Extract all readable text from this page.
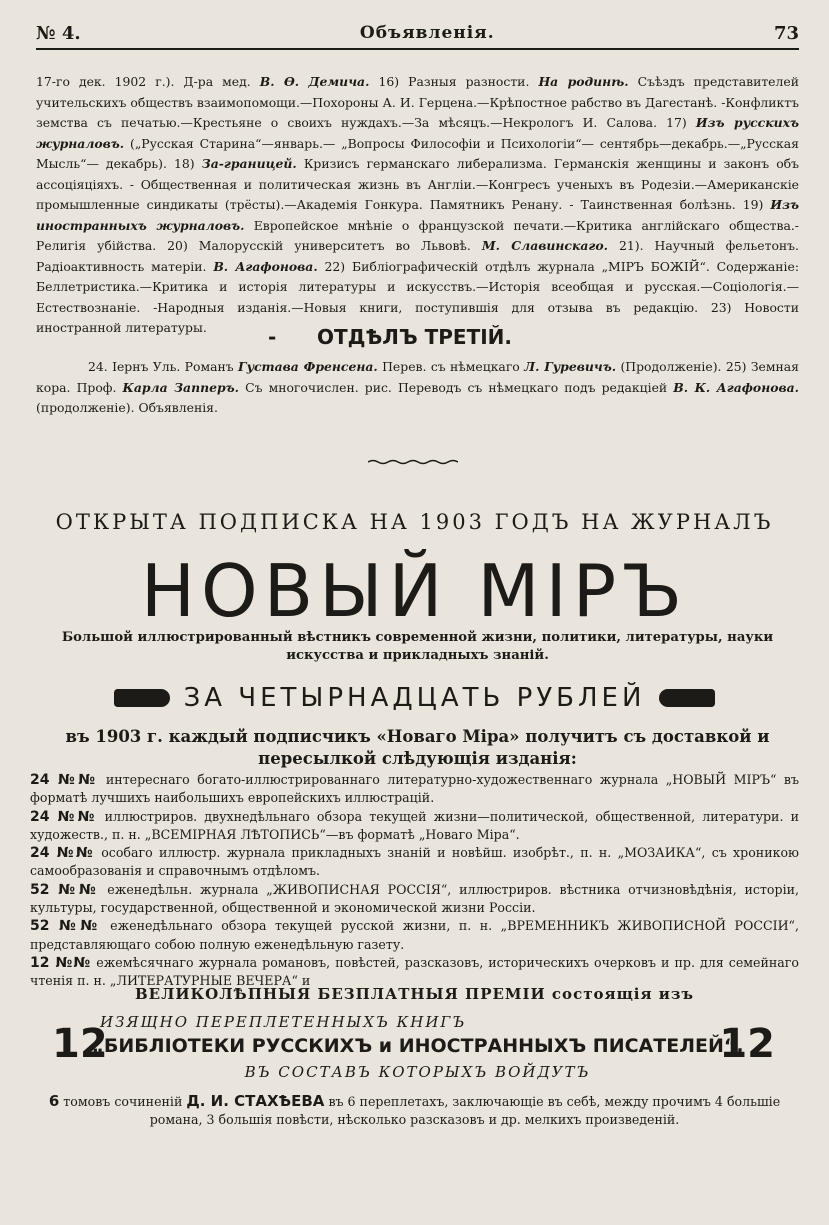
№ 4.	Объявленія.	73
17-го дек. 1902 г.). Д-ра мед. В. Ѳ. Демича. 16) Разныя разности. На родинѣ. Съѣздъ представителей учительскихъ обществъ взаимопомощи.—Похороны А. И. Герцена.—Крѣпостное рабство въ Дагестанѣ. -Конфликтъ земства съ печатью.—Крестьяне о своихъ нуждахъ.—За мѣсяцъ.—Некрологъ И. Салова. 17) Изъ русскихъ журналовъ. („Русская Старина“—январь.— „Вопросы Философіи и Психологіи“— сентябрь—декабрь.—„Русская Мысль“— декабрь). 18) За-границей. Кризисъ германскаго либерализма. Германскія женщины и законъ объ ассоціяціяхъ. - Общественная и политическая жизнь въ Англіи.—Конгресъ ученыхъ въ Родезіи.—Американскіе промышленные синдикаты (трёсты).—Академія Гонкура. Памятникъ Ренану. - Таинственная болѣзнь. 19) Изъ иностранныхъ журналовъ. Европейское мнѣніе о французской печати.—Критика англійскаго общества.- Религія убійства. 20) Малорусскій университетъ во Львовѣ. М. Славинскаго. 21). Научный фельетонъ. Радіоактивность матеріи. В. Агафонова. 22) Библіографическій отдѣлъ журнала „МІРЪ БОЖІЙ“. Содержаніе: Беллетристика.—Критика и исторія литературы и искусствъ.—Исторія всеобщая и русская.—Соціологія.—Естествознаніе. -Народныя изданія.—Новыя книги, поступившія для отзыва въ редакцію. 23) Новости иностранной литературы.	- ОТДѢЛЪ ТРЕТІЙ.
24. Іернъ Уль. Романъ Густава Френсена. Перев. съ нѣмецкаго Л. Гуревичъ. (Продолженіе). 25) Земная кора. Проф. Карла Запперъ. Съ многочислен. рис. Переводъ съ нѣмецкаго подъ редакціей В. К. Агафонова. (продолженіе). Объявленія.
ОТКРЫТА ПОДПИСКА НА 1903 ГОДЪ НА ЖУРНАЛЪ
НОВЫЙ МІРЪ
Большой иллюстрированный вѣстникъ современной жизни, политики, литературы, науки искусства и прикладныхъ знаній.
ЗА ЧЕТЫРНАДЦАТЬ РУБЛЕЙ
въ 1903 г. каждый подписчикъ «Новаго Міра» получитъ съ доставкой и пересылкой слѣдующія изданія:
24 №№ интереснаго богато-иллюстрированнаго литературно-художественнаго журнала „НОВЫЙ МІРЪ“ въ форматѣ лучшихъ наибольшихъ европейскихъ иллюстрацій.
24 №№ иллюстриров. двухнедѣльнаго обзора текущей жизни—политической, общественной, литератури. и художеств., п. н. „ВСЕМІРНАЯ ЛѢТОПИСЬ“—въ форматѣ „Новаго Міра“.
24 №№ особаго иллюстр. журнала прикладныхъ знаній и новѣйш. изобрѣт., п. н. „МОЗАИКА“, съ хроникою самообразованія и справочнымъ отдѣломъ.
52 №№ еженедѣльн. журнала „ЖИВОПИСНАЯ РОССІЯ“, иллюстриров. вѣстника отчизновѣдѣнія, исторіи, культуры, государственной, общественной и экономической жизни Россіи.
52 №№ еженедѣльнаго обзора текущей русской жизни, п. н. „ВРЕМЕННИКЪ ЖИВОПИСНОЙ РОССІИ“, представляющаго собою полную еженедѣльную газету.
12 №№ ежемѣсячнаго журнала романовъ, повѣстей, разсказовъ, историческихъ очерковъ и пр. для семейнаго чтенія п. н. „ЛИТЕРАТУРНЫЕ ВЕЧЕРА“ и
ВЕЛИКОЛѢПНЫЯ БЕЗПЛАТНЫЯ ПРЕМІИ состоящія изъ
12	12
ИЗЯЩНО ПЕРЕПЛЕТЕННЫХЪ КНИГЪ
„БИБЛІОТЕКИ РУССКИХЪ и ИНОСТРАННЫХЪ ПИСАТЕЛЕЙ“,
ВЪ СОСТАВЪ КОТОРЫХЪ ВОЙДУТЪ
6 томовъ сочиненій Д. И. СТАХѢЕВА въ 6 переплетахъ, заключающіе въ себѣ, между прочимъ 4 большіе романа, 3 большія повѣсти, нѣсколько разсказовъ и др. мелкихъ произведеній.
